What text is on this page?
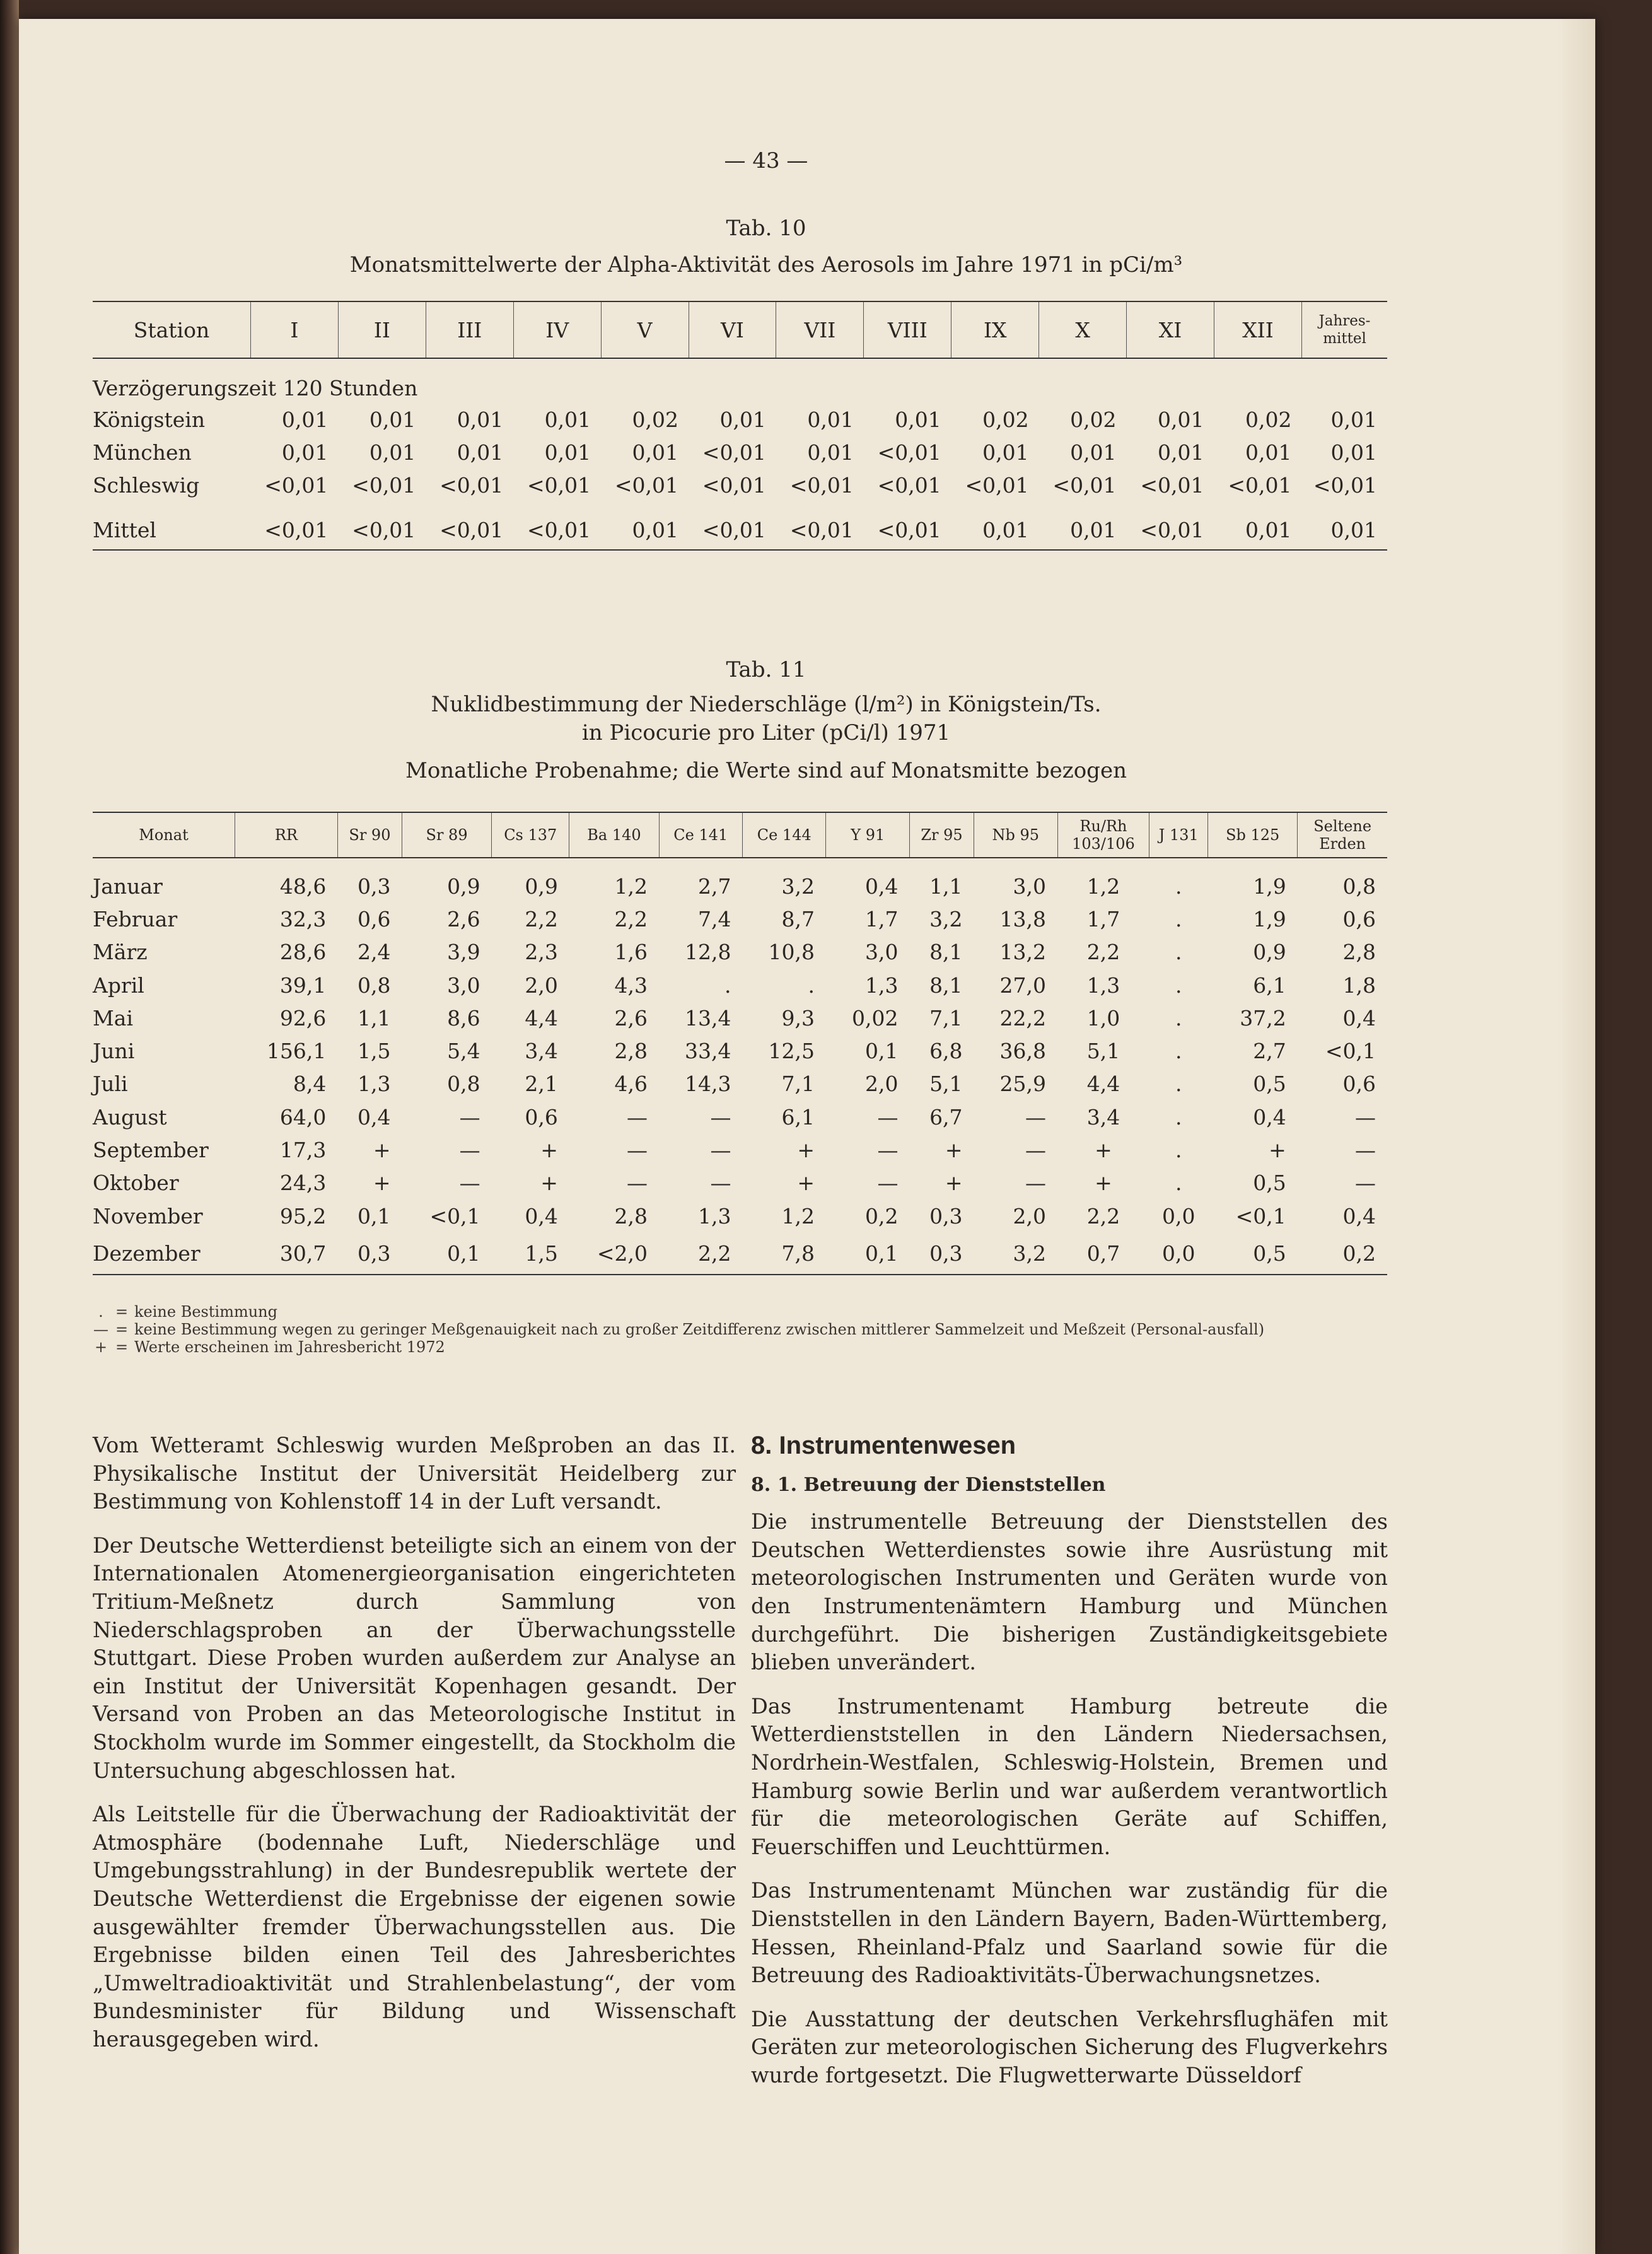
— 43 —
Tab. 10
Monatsmittelwerte der Alpha-Aktivität des Aerosols im Jahre 1971 in pCi/m³
Station	I	II	III	IV	V	VI	VII	VIII	IX	X	XI	XII	Jahres-
mittel
Verzögerungszeit 120 Stunden													
Königstein	0,01	0,01	0,01	0,01	0,02	0,01	0,01	0,01	0,02	0,02	0,01	0,02	0,01
München	0,01	0,01	0,01	0,01	0,01	<0,01	0,01	<0,01	0,01	0,01	0,01	0,01	0,01
Schleswig	<0,01	<0,01	<0,01	<0,01	<0,01	<0,01	<0,01	<0,01	<0,01	<0,01	<0,01	<0,01	<0,01
Mittel	<0,01	<0,01	<0,01	<0,01	0,01	<0,01	<0,01	<0,01	0,01	0,01	<0,01	0,01	0,01
Tab. 11
Nuklidbestimmung der Niederschläge (l/m²) in Königstein/Ts.
in Picocurie pro Liter (pCi/l) 1971
Monatliche Probenahme; die Werte sind auf Monatsmitte bezogen
Monat	RR	Sr 90	Sr 89	Cs 137	Ba 140	Ce 141	Ce 144	Y 91	Zr 95	Nb 95	Ru/Rh
103/106	J 131	Sb 125	Seltene
Erden
Januar	48,6	0,3	0,9	0,9	1,2	2,7	3,2	0,4	1,1	3,0	1,2	.	1,9	0,8
Februar	32,3	0,6	2,6	2,2	2,2	7,4	8,7	1,7	3,2	13,8	1,7	.	1,9	0,6
März	28,6	2,4	3,9	2,3	1,6	12,8	10,8	3,0	8,1	13,2	2,2	.	0,9	2,8
April	39,1	0,8	3,0	2,0	4,3	.	.	1,3	8,1	27,0	1,3	.	6,1	1,8
Mai	92,6	1,1	8,6	4,4	2,6	13,4	9,3	0,02	7,1	22,2	1,0	.	37,2	0,4
Juni	156,1	1,5	5,4	3,4	2,8	33,4	12,5	0,1	6,8	36,8	5,1	.	2,7	<0,1
Juli	8,4	1,3	0,8	2,1	4,6	14,3	7,1	2,0	5,1	25,9	4,4	.	0,5	0,6
August	64,0	0,4	—	0,6	—	—	6,1	—	6,7	—	3,4	.	0,4	—
September	17,3	+	—	+	—	—	+	—	+	—	+	.	+	—
Oktober	24,3	+	—	+	—	—	+	—	+	—	+	.	0,5	—
November	95,2	0,1	<0,1	0,4	2,8	1,3	1,2	0,2	0,3	2,0	2,2	0,0	<0,1	0,4
Dezember	30,7	0,3	0,1	1,5	<2,0	2,2	7,8	0,1	0,3	3,2	0,7	0,0	0,5	0,2
. = keine Bestimmung
— = keine Bestimmung wegen zu geringer Meßgenauigkeit nach zu großer Zeitdifferenz zwischen mittlerer Sammelzeit und Meßzeit (Personal-ausfall)
+ = Werte erscheinen im Jahresbericht 1972

Vom Wetteramt Schleswig wurden Meßproben an das II. Physikalische Institut der Universität Heidelberg zur Bestimmung von Kohlenstoff 14 in der Luft versandt.

Der Deutsche Wetterdienst beteiligte sich an einem von der Internationalen Atomenergieorganisation eingerichteten Tritium-Meßnetz durch Sammlung von Niederschlagsproben an der Überwachungsstelle Stuttgart. Diese Proben wurden außerdem zur Analyse an ein Institut der Universität Kopenhagen gesandt. Der Versand von Proben an das Meteorologische Institut in Stockholm wurde im Sommer eingestellt, da Stockholm die Untersuchung abgeschlossen hat.

Als Leitstelle für die Überwachung der Radioaktivität der Atmosphäre (bodennahe Luft, Niederschläge und Umgebungsstrahlung) in der Bundesrepublik wertete der Deutsche Wetterdienst die Ergebnisse der eigenen sowie ausgewählter fremder Überwachungsstellen aus. Die Ergebnisse bilden einen Teil des Jahresberichtes „Umweltradioaktivität und Strahlenbelastung“, der vom Bundesminister für Bildung und Wissenschaft herausgegeben wird.

8. Instrumentenwesen
8. 1. Betreuung der Dienststellen

Die instrumentelle Betreuung der Dienststellen des Deutschen Wetterdienstes sowie ihre Ausrüstung mit meteorologischen Instrumenten und Geräten wurde von den Instrumentenämtern Hamburg und München durchgeführt. Die bisherigen Zuständigkeitsgebiete blieben unverändert.

Das Instrumentenamt Hamburg betreute die Wetterdienststellen in den Ländern Niedersachsen, Nordrhein-Westfalen, Schleswig-Holstein, Bremen und Hamburg sowie Berlin und war außerdem verantwortlich für die meteorologischen Geräte auf Schiffen, Feuerschiffen und Leuchttürmen.

Das Instrumentenamt München war zuständig für die Dienststellen in den Ländern Bayern, Baden-Württemberg, Hessen, Rheinland-Pfalz und Saarland sowie für die Betreuung des Radioaktivitäts-Überwachungsnetzes.

Die Ausstattung der deutschen Verkehrsflughäfen mit Geräten zur meteorologischen Sicherung des Flugverkehrs wurde fortgesetzt. Die Flugwetterwarte Düsseldorf
